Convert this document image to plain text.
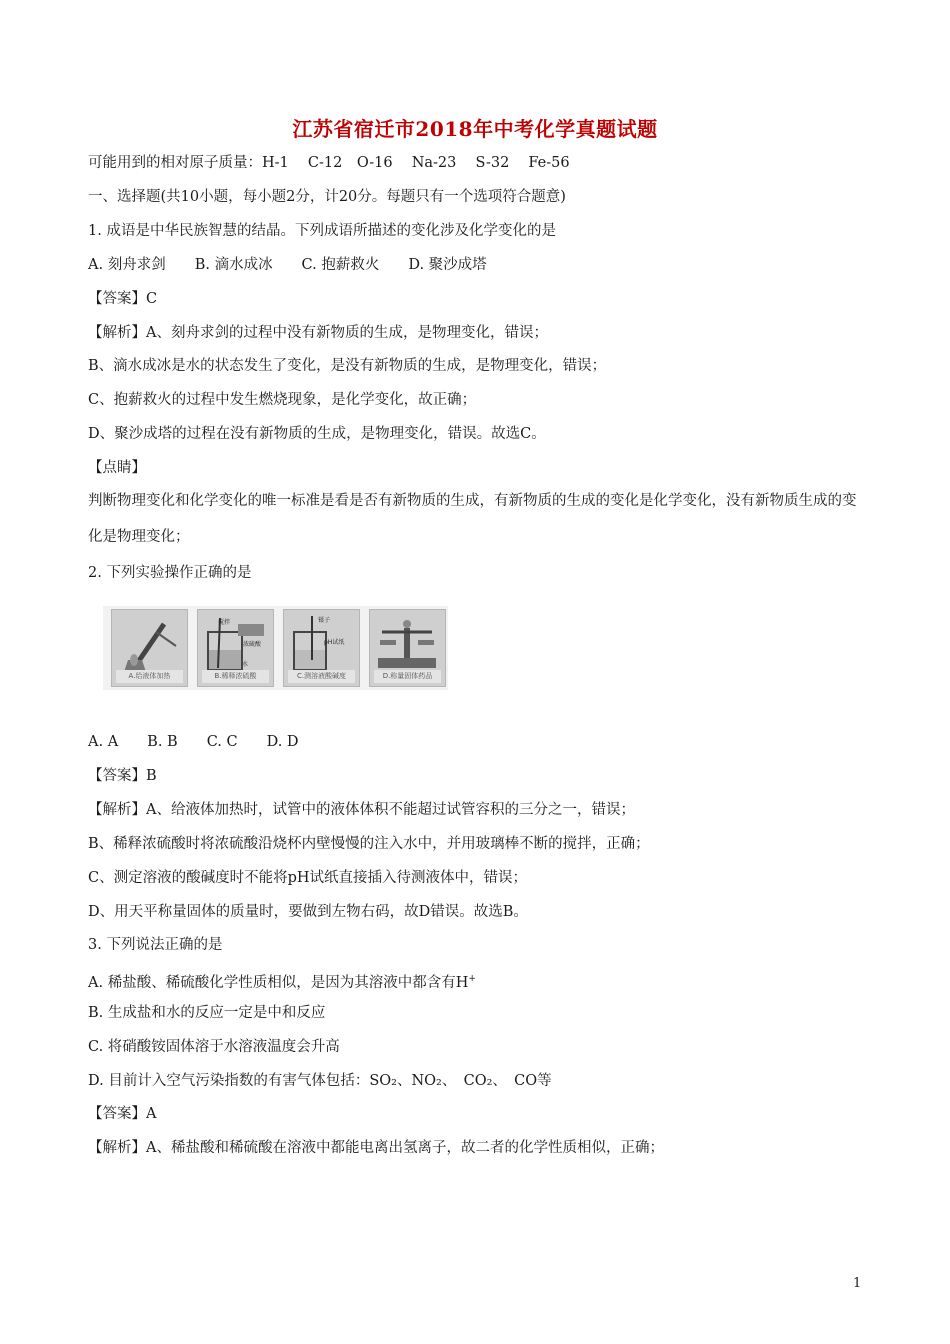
江苏省宿迁市2018年中考化学真题试题
可能用到的相对原子质量：H-1 　C-12　O-16 　Na-23 　S-32 　Fe-56
一、选择题(共10小题，每小题2分，计20分。每题只有一个选项符合题意)
1. 成语是中华民族智慧的结晶。下列成语所描述的变化涉及化学变化的是
A. 刻舟求剑　　B. 滴水成冰　　C. 抱薪救火　　D. 聚沙成塔
【答案】C
【解析】A、刻舟求剑的过程中没有新物质的生成，是物理变化，错误；
B、滴水成冰是水的状态发生了变化，是没有新物质的生成，是物理变化，错误；
C、抱薪救火的过程中发生燃烧现象，是化学变化，故正确；
D、聚沙成塔的过程在没有新物质的生成，是物理变化，错误。故选C。
【点睛】
判断物理变化和化学变化的唯一标准是看是否有新物质的生成，有新物质的生成的变化是化学变化，没有新物质生成的变化是物理变化；
2. 下列实验操作正确的是
A.给液体加热
搅拌
浓硫酸
水
B.稀释浓硫酸
镊子
pH试纸
C.测溶液酸碱度	D.称量固体药品
A. A　　B. B　　C. C　　D. D
【答案】B
【解析】A、给液体加热时，试管中的液体体积不能超过试管容积的三分之一，错误；
B、稀释浓硫酸时将浓硫酸沿烧杯内壁慢慢的注入水中，并用玻璃棒不断的搅拌，正确；
C、测定溶液的酸碱度时不能将pH试纸直接插入待测液体中，错误；
D、用天平称量固体的质量时，要做到左物右码，故D错误。故选B。
3. 下列说法正确的是
A. 稀盐酸、稀硫酸化学性质相似，是因为其溶液中都含有H+
B. 生成盐和水的反应一定是中和反应
C. 将硝酸铵固体溶于水溶液温度会升高
D. 目前计入空气污染指数的有害气体包括：SO₂、NO₂、　CO₂、　CO等
【答案】A
【解析】A、稀盐酸和稀硫酸在溶液中都能电离出氢离子，故二者的化学性质相似，正确；
1
